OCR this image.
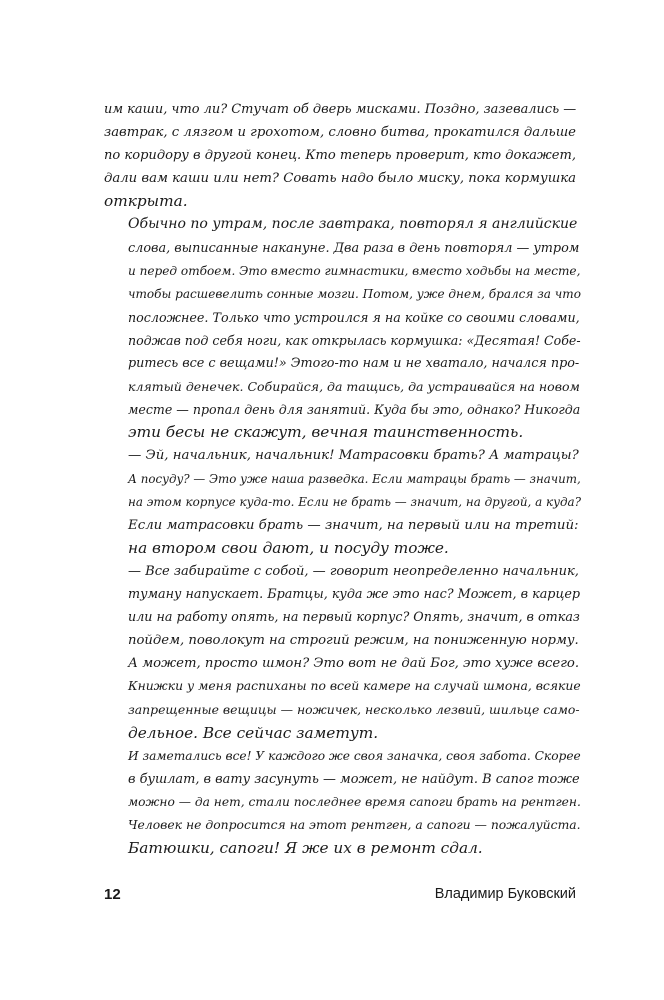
им каши, что ли? Стучат об дверь мисками. Поздно, зазевались —
завтрак, с лязгом и грохотом, словно битва, прокатился дальше
по коридору в другой конец. Кто теперь проверит, кто докажет,
дали вам каши или нет? Совать надо было миску, пока кормушка
открыта.

Обычно по утрам, после завтрака, повторял я английские
слова, выписанные накануне. Два раза в день повторял — утром
и перед отбоем. Это вместо гимнастики, вместо ходьбы на месте,
чтобы расшевелить сонные мозги. Потом, уже днем, брался за что
посложнее. Только что устроился я на койке со своими словами,
поджав под себя ноги, как открылась кормушка: «Десятая! Собе-
ритесь все с вещами!» Этого-то нам и не хватало, начался про-
клятый денечек. Собирайся, да тащись, да устраивайся на новом
месте — пропал день для занятий. Куда бы это, однако? Никогда
эти бесы не скажут, вечная таинственность.

— Эй, начальник, начальник! Матрасовки брать? А матрацы?
А посуду? — Это уже наша разведка. Если матрацы брать — значит,
на этом корпусе куда-то. Если не брать — значит, на другой, а куда?
Если матрасовки брать — значит, на первый или на третий:
на втором свои дают, и посуду тоже.

— Все забирайте с собой, — говорит неопределенно начальник,
туману напускает. Братцы, куда же это нас? Может, в карцер
или на работу опять, на первый корпус? Опять, значит, в отказ
пойдем, поволокут на строгий режим, на пониженную норму.
А может, просто шмон? Это вот не дай Бог, это хуже всего.
Книжки у меня распиханы по всей камере на случай шмона, всякие
запрещенные вещицы — ножичек, несколько лезвий, шильце само-
дельное. Все сейчас заметут.

И заметались все! У каждого же своя заначка, своя забота. Скорее
в бушлат, в вату засунуть — может, не найдут. В сапог тоже
можно — да нет, стали последнее время сапоги брать на рентген.
Человек не допросится на этот рентген, а сапоги — пожалуйста.
Батюшки, сапоги! Я же их в ремонт сдал.

12	Владимир Буковский
